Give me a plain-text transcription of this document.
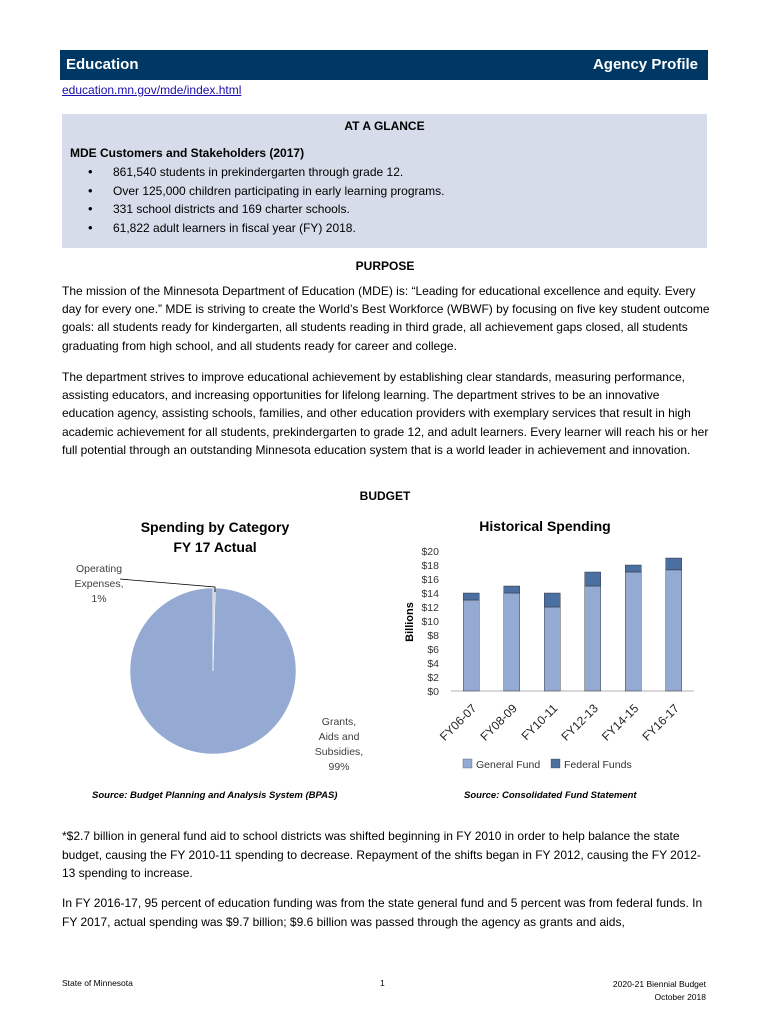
Education	Agency Profile
education.mn.gov/mde/index.html
AT A GLANCE
MDE Customers and Stakeholders (2017)
• 861,540 students in prekindergarten through grade 12.
• Over 125,000 children participating in early learning programs.
• 331 school districts and 169 charter schools.
• 61,822 adult learners in fiscal year (FY) 2018.
PURPOSE

The mission of the Minnesota Department of Education (MDE) is: “Leading for educational excellence and equity. Every day for every one.” MDE is striving to create the World’s Best Workforce (WBWF) by focusing on five key student outcome goals: all students ready for kindergarten, all students reading in third grade, all achievement gaps closed, all students graduating from high school, and all students ready for career and college.

The department strives to improve educational achievement by establishing clear standards, measuring performance, assisting educators, and increasing opportunities for lifelong learning. The department strives to be an innovative education agency, assisting schools, families, and other education providers with exemplary services that result in high academic achievement for all students, prekindergarten to grade 12, and adult learners. Every learner will reach his or her full potential through an outstanding Minnesota education system that is a world leader in achievement and innovation.

BUDGET
Spending by Category
FY 17 Actual
Operating
Expenses,
1%
Grants,
Aids and
Subsidies,
99%
Source: Budget Planning and Analysis System (BPAS)
Historical Spending
Billions
$0
$2
$4
$6
$8
$10
$12
$14
$16
$18
$20
FY06-07
FY08-09
FY10-11
FY12-13
FY14-15
FY16-17
General Fund Federal Funds
Source: Consolidated Fund Statement

*$2.7 billion in general fund aid to school districts was shifted beginning in FY 2010 in order to help balance the state budget, causing the FY 2010-11 spending to decrease. Repayment of the shifts began in FY 2012, causing the FY 2012-13 spending to increase.

In FY 2016-17, 95 percent of education funding was from the state general fund and 5 percent was from federal funds. In FY 2017, actual spending was $9.7 billion; $9.6 billion was passed through the agency as grants and aids,

State of Minnesota	1	2020-21 Biennial Budget
October 2018
